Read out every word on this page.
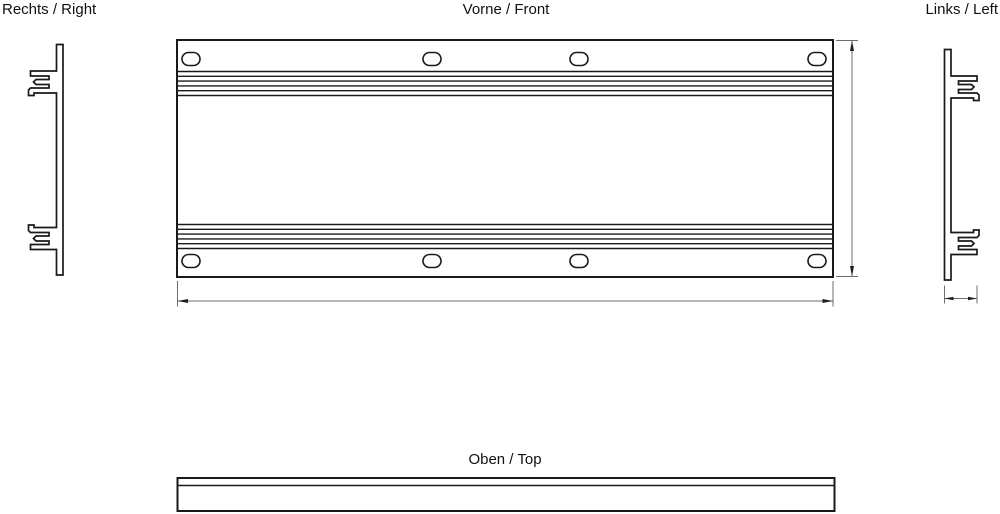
Rechts / Right	Vorne / Front	Links / Left
Oben / Top
